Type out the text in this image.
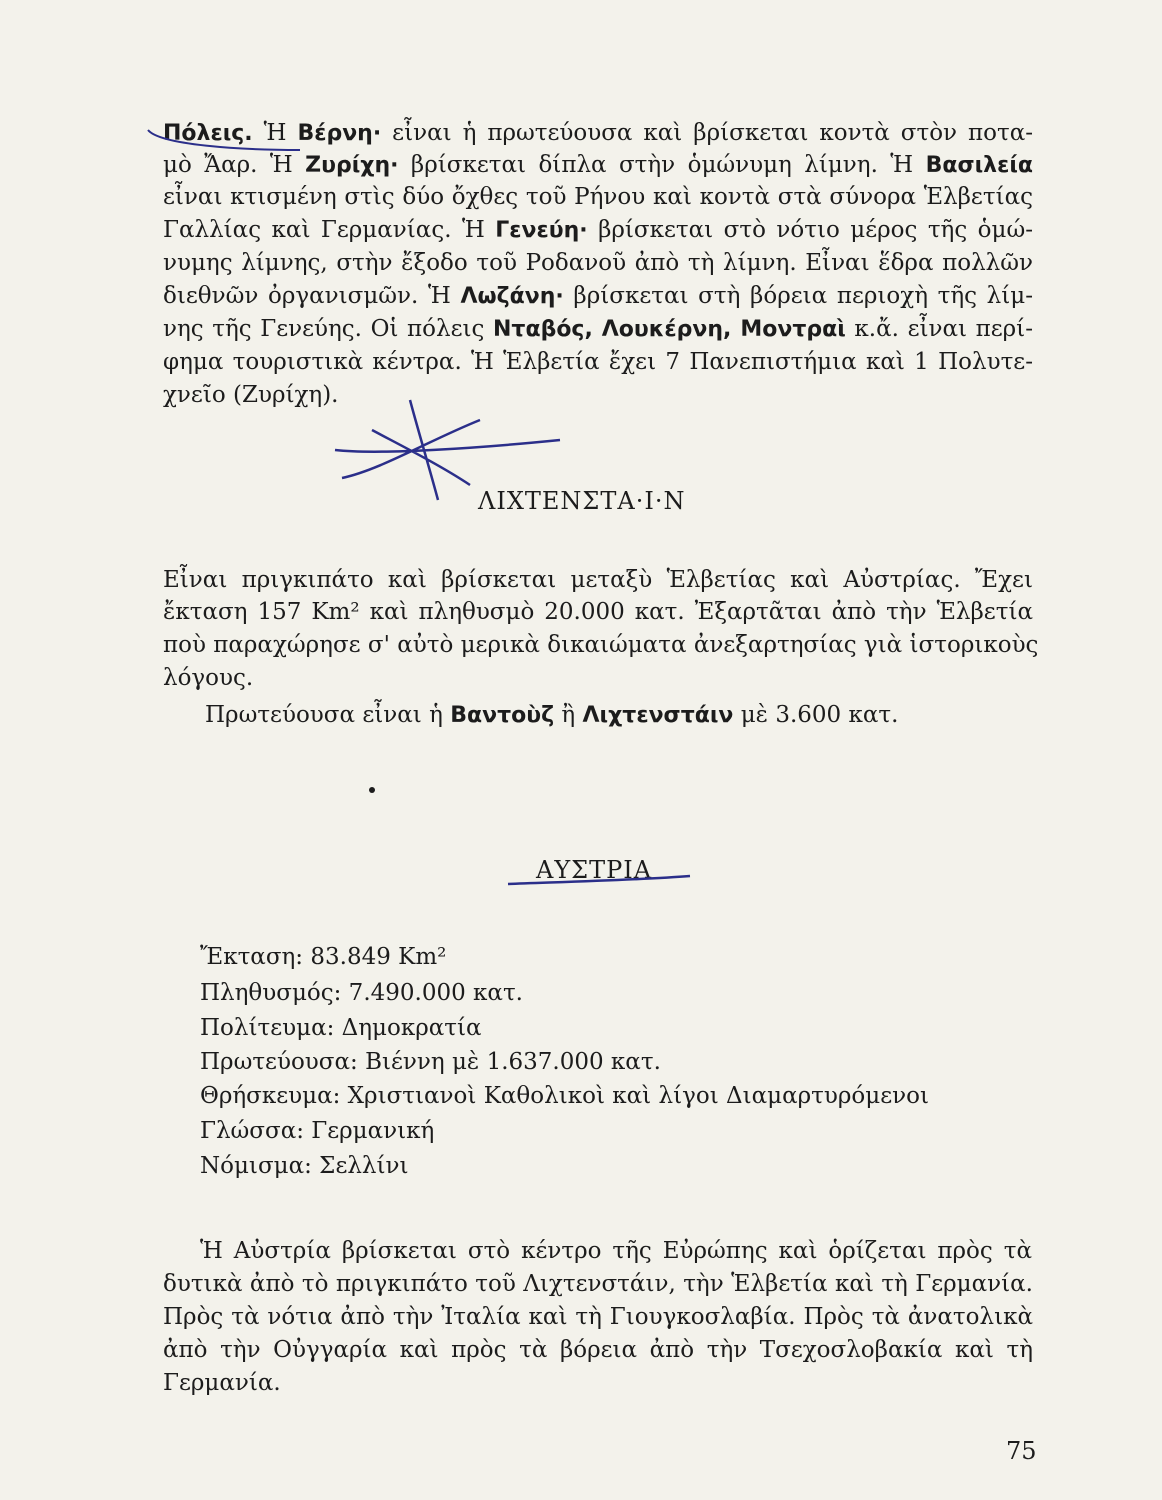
Πόλεις. Ἡ Βέρνη· εἶναι ἡ πρωτεύουσα καὶ βρίσκεται κοντὰ στὸν ποτα-
μὸ Ἄαρ. Ἡ Ζυρίχη· βρίσκεται δίπλα στὴν ὁμώνυμη λίμνη. Ἡ Βασιλεία
εἶναι κτισμένη στὶς δύο ὄχθες τοῦ Ρήνου καὶ κοντὰ στὰ σύνορα Ἑλβετίας
Γαλλίας καὶ Γερμανίας. Ἡ Γενεύη· βρίσκεται στὸ νότιο μέρος τῆς ὁμώ-
νυμης λίμνης, στὴν ἔξοδο τοῦ Ροδανοῦ ἀπὸ τὴ λίμνη. Εἶναι ἕδρα πολλῶν
διεθνῶν ὀργανισμῶν. Ἡ Λωζάνη· βρίσκεται στὴ βόρεια περιοχὴ τῆς λίμ-
νης τῆς Γενεύης. Οἱ πόλεις Νταβός, Λουκέρνη, Μοντραὶ κ.ἄ. εἶναι περί-
φημα τουριστικὰ κέντρα. Ἡ Ἑλβετία ἔχει 7 Πανεπιστήμια καὶ 1 Πολυτε-
χνεῖο (Ζυρίχη).
ΛΙΧΤΕΝΣΤΑ·Ι·Ν
Εἶναι πριγκιπάτο καὶ βρίσκεται μεταξὺ Ἑλβετίας καὶ Αὐστρίας. Ἔχει
ἔκταση 157 Km² καὶ πληθυσμὸ 20.000 κατ. Ἐξαρτᾶται ἀπὸ τὴν Ἑλβετία
ποὺ παραχώρησε σ' αὐτὸ μερικὰ δικαιώματα ἀνεξαρτησίας γιὰ ἱστορικοὺς
λόγους.
Πρωτεύουσα εἶναι ἡ Βαντοὺζ ἢ Λιχτενστάιν μὲ 3.600 κατ.
ΑΥΣΤΡΙΑ
Ἔκταση: 83.849 Km²
Πληθυσμός: 7.490.000 κατ.
Πολίτευμα: Δημοκρατία
Πρωτεύουσα: Βιέννη μὲ 1.637.000 κατ.
Θρήσκευμα: Χριστιανοὶ Καθολικοὶ καὶ λίγοι Διαμαρτυρόμενοι
Γλώσσα: Γερμανική
Νόμισμα: Σελλίνι
Ἡ Αὐστρία βρίσκεται στὸ κέντρο τῆς Εὐρώπης καὶ ὁρίζεται πρὸς τὰ
δυτικὰ ἀπὸ τὸ πριγκιπάτο τοῦ Λιχτενστάιν, τὴν Ἑλβετία καὶ τὴ Γερμανία.
Πρὸς τὰ νότια ἀπὸ τὴν Ἰταλία καὶ τὴ Γιουγκοσλαβία. Πρὸς τὰ ἀνατολικὰ
ἀπὸ τὴν Οὐγγαρία καὶ πρὸς τὰ βόρεια ἀπὸ τὴν Τσεχοσλοβακία καὶ τὴ
Γερμανία.
75
